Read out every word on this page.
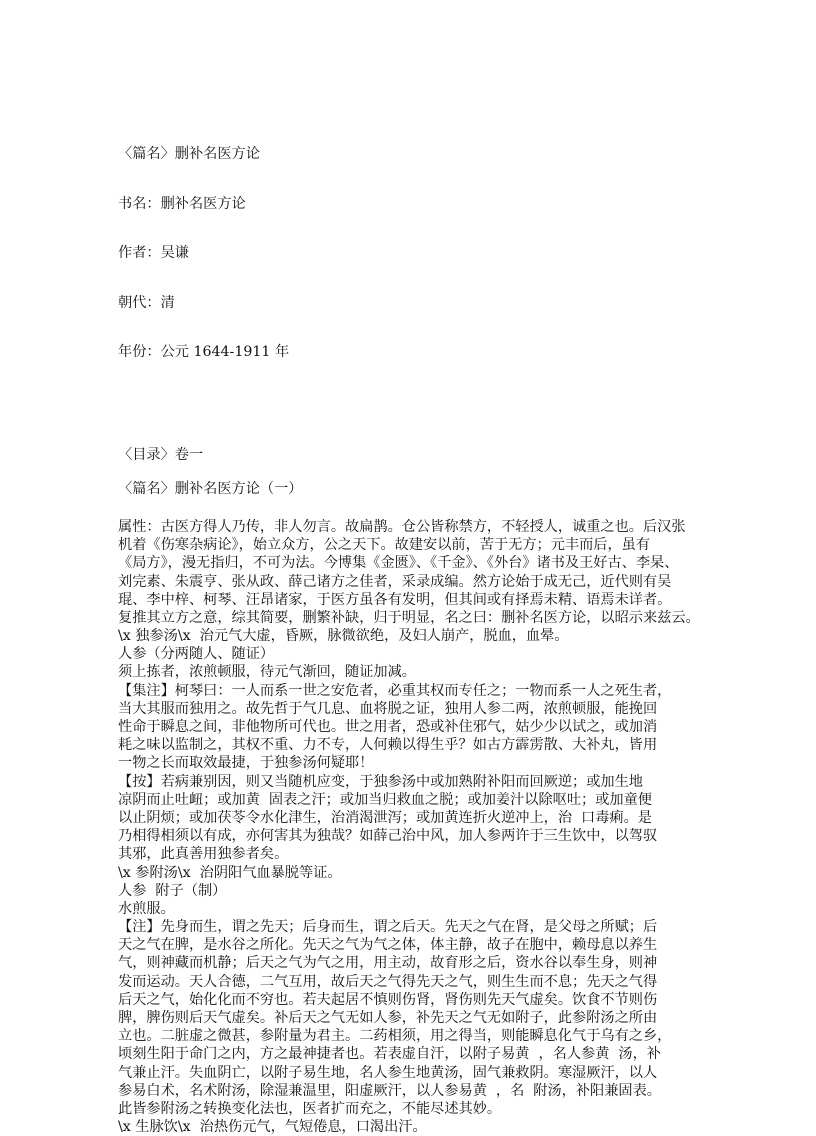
〈篇名〉删补名医方论

书名：删补名医方论

作者：吴谦

朝代：清

年份：公元 1644-1911 年

〈目录〉卷一
〈篇名〉删补名医方论（一）
属性：古医方得人乃传，非人勿言。故扁鹊。仓公皆称禁方，不轻授人，诚重之也。后汉张
机着《伤寒杂病论》，始立众方，公之天下。故建安以前，苦于无方；元丰而后，虽有
《局方》，漫无指归，不可为法。今博集《金匮》、《千金》、《外台》诸书及王好古、李杲、
刘完素、朱震亨、张从政、薛己诸方之佳者，采录成编。然方论始于成无己，近代则有吴
琨、李中梓、柯琴、汪昂诸家，于医方虽各有发明，但其间或有择焉未精、语焉未详者。
复推其立方之意，综其简要，删繁补缺，归于明显，名之曰：删补名医方论，以昭示来兹云。
\x 独参汤\x  治元气大虚，昏厥，脉微欲绝，及妇人崩产，脱血，血晕。
人参（分两随人、随证）
须上拣者，浓煎顿服，待元气渐回，随证加减。
【集注】柯琴曰：一人而系一世之安危者，必重其权而专任之；一物而系一人之死生者，
当大其服而独用之。故先哲于气几息、血将脱之证，独用人参二两，浓煎顿服，能挽回
性命于瞬息之间，非他物所可代也。世之用者，恐或补住邪气，姑少少以试之，或加消
耗之味以监制之，其权不重、力不专，人何赖以得生乎？如古方霹雳散、大补丸，皆用
一物之长而取效最捷，于独参汤何疑耶！
【按】若病兼别因，则又当随机应变，于独参汤中或加熟附补阳而回厥逆；或加生地
凉阴而止吐衄；或加黄  固表之汗；或加当归救血之脱；或加姜汁以除呕吐；或加童便
以止阴烦；或加茯苓令水化津生，治消渴泄泻；或加黄连折火逆冲上，治  口毒痢。是
乃相得相须以有成，亦何害其为独哉？如薛己治中风，加人参两许于三生饮中，以驾驭
其邪，此真善用独参者矣。
\x 参附汤\x  治阴阳气血暴脱等证。
人参  附子（制）
水煎服。
【注】先身而生，谓之先天；后身而生，谓之后天。先天之气在肾，是父母之所赋；后
天之气在脾，是水谷之所化。先天之气为气之体，体主静，故子在胞中，赖母息以养生
气，则神藏而机静；后天之气为气之用，用主动，故育形之后，资水谷以奉生身，则神
发而运动。天人合德，二气互用，故后天之气得先天之气，则生生而不息；先天之气得
后天之气，始化化而不穷也。若夫起居不慎则伤肾，肾伤则先天气虚矣。饮食不节则伤
脾，脾伤则后天气虚矣。补后天之气无如人参，补先天之气无如附子，此参附汤之所由
立也。二脏虚之微甚，参附量为君主。二药相须，用之得当，则能瞬息化气于乌有之乡，
顷刻生阳于命门之内，方之最神捷者也。若表虚自汗，以附子易黄  ，名人参黄  汤，补
气兼止汗。失血阴亡，以附子易生地，名人参生地黄汤，固气兼救阴。寒湿厥汗，以人
参易白术，名术附汤，除湿兼温里，阳虚厥汗，以人参易黄  ，名  附汤，补阳兼固表。
此皆参附汤之转换变化法也，医者扩而充之，不能尽述其妙。
\x 生脉饮\x  治热伤元气，气短倦息，口渴出汗。
